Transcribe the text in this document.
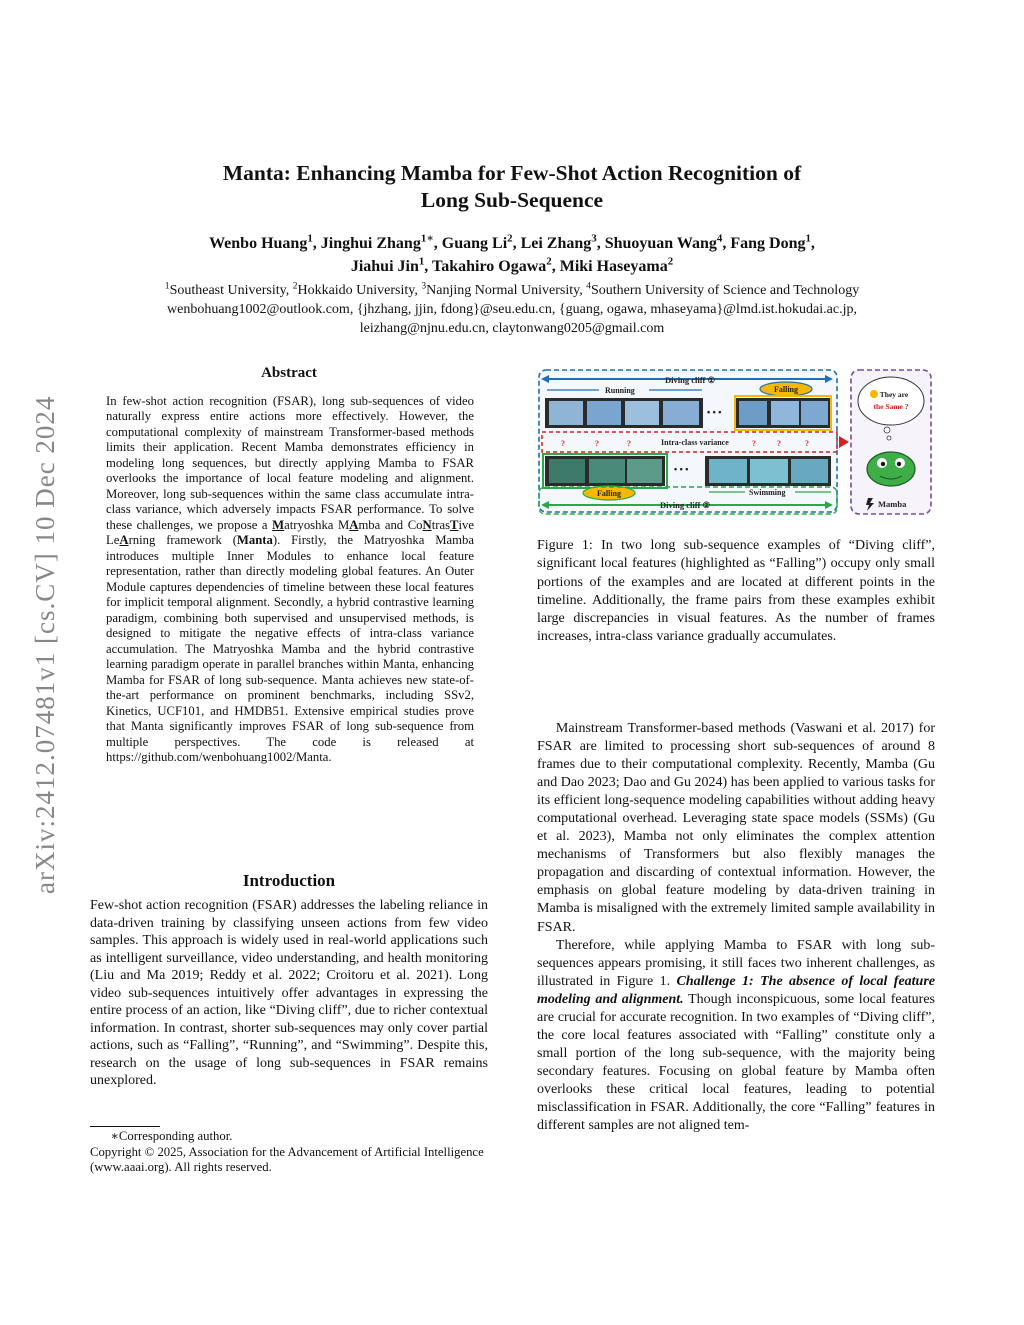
arXiv:2412.07481v1 [cs.CV] 10 Dec 2024
Manta: Enhancing Mamba for Few-Shot Action Recognition of
Long Sub-Sequence
Wenbo Huang$^1$, Jinghui Zhang$^{1∗}$, Guang Li$^2$, Lei Zhang$^3$, Shuoyuan Wang$^4$, Fang Dong$^1$,
Jiahui Jin$^1$, Takahiro Ogawa$^2$, Miki Haseyama$^2$
$^1$Southeast University, $^2$Hokkaido University, $^3$Nanjing Normal University, $^4$Southern University of Science and Technology
wenbohuang1002@outlook.com, {jhzhang, jjin, fdong}@seu.edu.cn, {guang, ogawa, mhaseyama}@lmd.ist.hokudai.ac.jp,
leizhang@njnu.edu.cn, claytonwang0205@gmail.com
Abstract
In few-shot action recognition (FSAR), long sub-sequences of video naturally express entire actions more effectively. However, the computational complexity of mainstream Transformer-based methods limits their application. Recent Mamba demonstrates efficiency in modeling long sequences, but directly applying Mamba to FSAR overlooks the importance of local feature modeling and alignment. Moreover, long sub-sequences within the same class accumulate intra-class variance, which adversely impacts FSAR performance. To solve these challenges, we propose a Matryoshka MAmba and CoNtrasTive LeArning framework (Manta). Firstly, the Matryoshka Mamba introduces multiple Inner Modules to enhance local feature representation, rather than directly modeling global features. An Outer Module captures dependencies of timeline between these local features for implicit temporal alignment. Secondly, a hybrid contrastive learning paradigm, combining both supervised and unsupervised methods, is designed to mitigate the negative effects of intra-class variance accumulation. The Matryoshka Mamba and the hybrid contrastive learning paradigm operate in parallel branches within Manta, enhancing Mamba for FSAR of long sub-sequence. Manta achieves new state-of-the-art performance on prominent benchmarks, including SSv2, Kinetics, UCF101, and HMDB51. Extensive empirical studies prove that Manta significantly improves FSAR of long sub-sequence from multiple perspectives. The code is released at https://github.com/wenbohuang1002/Manta.
Introduction
Few-shot action recognition (FSAR) addresses the labeling reliance in data-driven training by classifying unseen actions from few video samples. This approach is widely used in real-world applications such as intelligent surveillance, video understanding, and health monitoring (Liu and Ma 2019; Reddy et al. 2022; Croitoru et al. 2021). Long video sub-sequences intuitively offer advantages in expressing the entire process of an action, like “Diving cliff”, due to richer contextual information. In contrast, shorter sub-sequences may only cover partial actions, such as “Falling”, “Running”, and “Swimming”. Despite this, research on the usage of long sub-sequences in FSAR remains unexplored.
∗Corresponding author.
Copyright © 2025, Association for the Advancement of Artificial Intelligence (www.aaai.org). All rights reserved.
Diving cliff ①
Running	Falling
• • •
?	?	?	?	?	?
Intra-class variance
• • •
Falling	Swimming
Diving cliff ②
They are
the Same ?
Mamba
Figure 1: In two long sub-sequence examples of “Diving cliff”, significant local features (highlighted as “Falling”) occupy only small portions of the examples and are located at different points in the timeline. Additionally, the frame pairs from these examples exhibit large discrepancies in visual features. As the number of frames increases, intra-class variance gradually accumulates.

Mainstream Transformer-based methods (Vaswani et al. 2017) for FSAR are limited to processing short sub-sequences of around 8 frames due to their computational complexity. Recently, Mamba (Gu and Dao 2023; Dao and Gu 2024) has been applied to various tasks for its efficient long-sequence modeling capabilities without adding heavy computational overhead. Leveraging state space models (SSMs) (Gu et al. 2023), Mamba not only eliminates the complex attention mechanisms of Transformers but also flexibly manages the propagation and discarding of contextual information. However, the emphasis on global feature modeling by data-driven training in Mamba is misaligned with the extremely limited sample availability in FSAR.

Therefore, while applying Mamba to FSAR with long sub-sequences appears promising, it still faces two inherent challenges, as illustrated in Figure 1. Challenge 1: The absence of local feature modeling and alignment. Though inconspicuous, some local features are crucial for accurate recognition. In two examples of “Diving cliff”, the core local features associated with “Falling” constitute only a small portion of the long sub-sequence, with the majority being secondary features. Focusing on global feature by Mamba often overlooks these critical local features, leading to potential misclassification in FSAR. Additionally, the core “Falling” features in different samples are not aligned tem-
